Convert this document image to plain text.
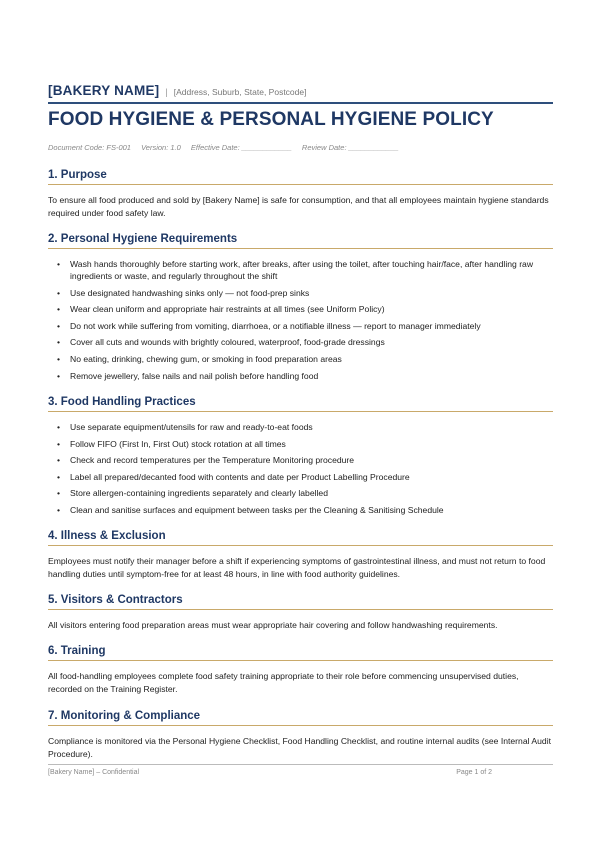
[BAKERY NAME] | [Address, Suburb, State, Postcode]
FOOD HYGIENE & PERSONAL HYGIENE POLICY
Document Code: FS-001 Version: 1.0 Effective Date: ____________ Review Date: ____________
1. Purpose
To ensure all food produced and sold by [Bakery Name] is safe for consumption, and that all employees maintain hygiene standards required under food safety law.
2. Personal Hygiene Requirements
• Wash hands thoroughly before starting work, after breaks, after using the toilet, after touching hair/face, after handling raw ingredients or waste, and regularly throughout the shift
• Use designated handwashing sinks only — not food-prep sinks
• Wear clean uniform and appropriate hair restraints at all times (see Uniform Policy)
• Do not work while suffering from vomiting, diarrhoea, or a notifiable illness — report to manager immediately
• Cover all cuts and wounds with brightly coloured, waterproof, food-grade dressings
• No eating, drinking, chewing gum, or smoking in food preparation areas
• Remove jewellery, false nails and nail polish before handling food
3. Food Handling Practices
• Use separate equipment/utensils for raw and ready-to-eat foods
• Follow FIFO (First In, First Out) stock rotation at all times
• Check and record temperatures per the Temperature Monitoring procedure
• Label all prepared/decanted food with contents and date per Product Labelling Procedure
• Store allergen-containing ingredients separately and clearly labelled
• Clean and sanitise surfaces and equipment between tasks per the Cleaning & Sanitising Schedule
4. Illness & Exclusion
Employees must notify their manager before a shift if experiencing symptoms of gastrointestinal illness, and must not return to food handling duties until symptom-free for at least 48 hours, in line with food authority guidelines.
5. Visitors & Contractors
All visitors entering food preparation areas must wear appropriate hair covering and follow handwashing requirements.
6. Training
All food-handling employees complete food safety training appropriate to their role before commencing unsupervised duties, recorded on the Training Register.
7. Monitoring & Compliance
Compliance is monitored via the Personal Hygiene Checklist, Food Handling Checklist, and routine internal audits (see Internal Audit Procedure).
[Bakery Name] – Confidential	Page 1 of 2
